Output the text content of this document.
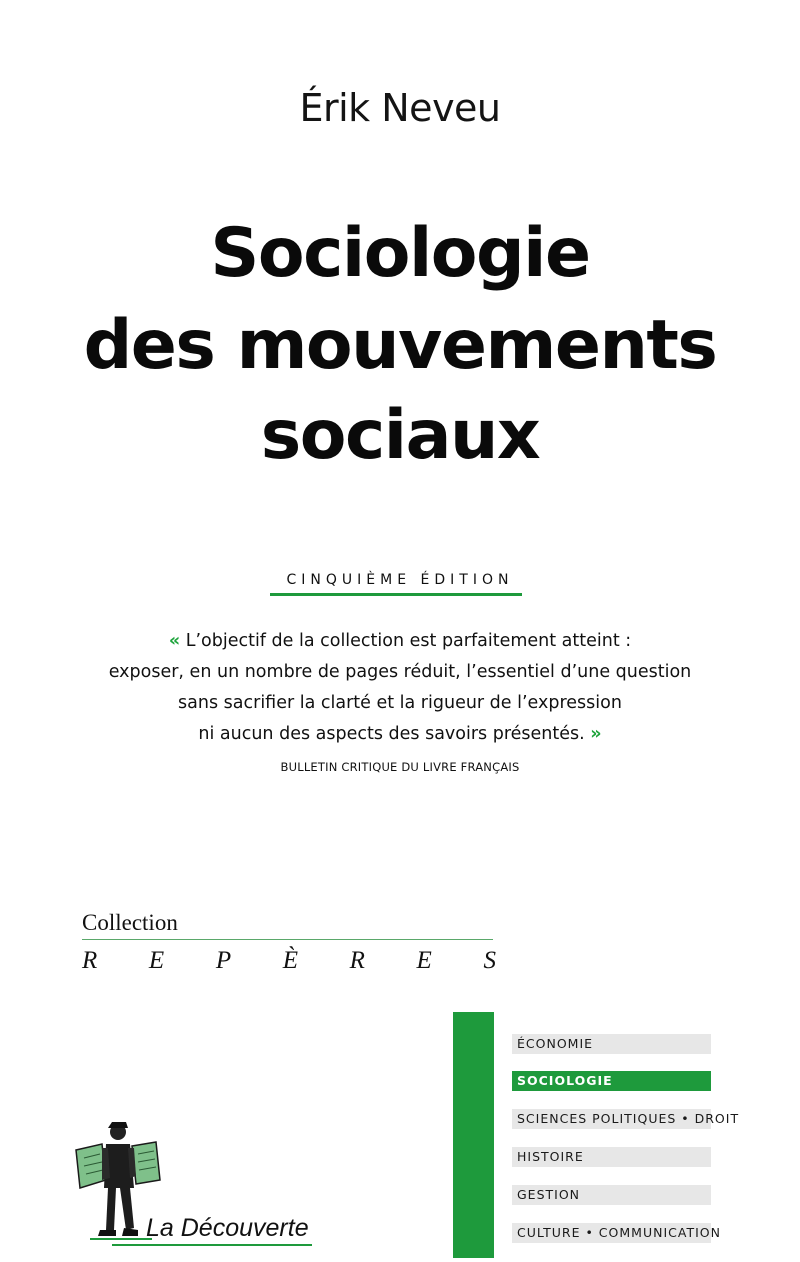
Érik Neveu
Sociologie
des mouvements
sociaux
CINQUIÈME ÉDITION
« L’objectif de la collection est parfaitement atteint :
exposer, en un nombre de pages réduit, l’essentiel d’une question
sans sacrifier la clarté et la rigueur de l’expression
ni aucun des aspects des savoirs présentés. »
BULLETIN CRITIQUE DU LIVRE FRANÇAIS
Collection
R E P È R E S
ÉCONOMIE
SOCIOLOGIE
SCIENCES POLITIQUES • DROIT
HISTOIRE
GESTION
CULTURE • COMMUNICATION
La Découverte
